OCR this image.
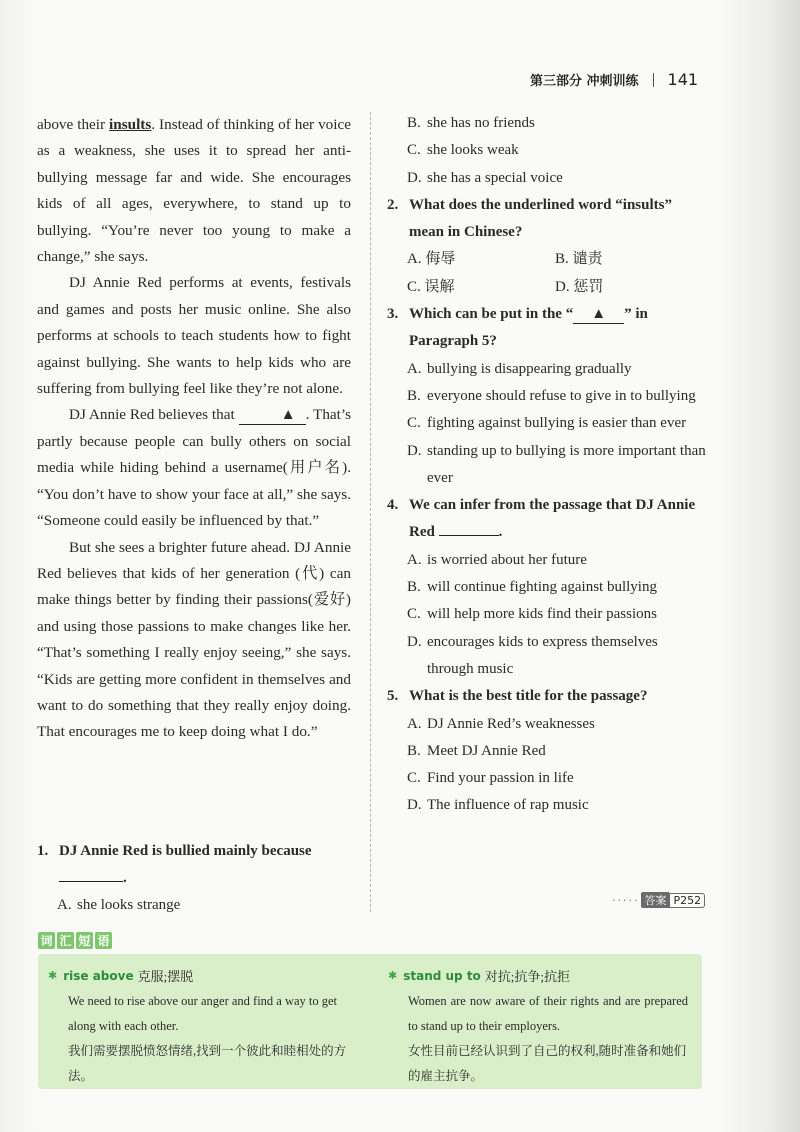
第三部分 冲刺训练 141

above their insults. Instead of thinking of her voice as a weakness, she uses it to spread her anti-bullying message far and wide. She encourages kids of all ages, everywhere, to stand up to bullying. “You’re never too young to make a change,” she says.

DJ Annie Red performs at events, festivals and games and posts her music online. She also performs at schools to teach students how to fight against bullying. She wants to help kids who are suffering from bullying feel like they’re not alone.

DJ Annie Red believes that	▲ . That’s partly because people can bully others on social media while hiding behind a username(用户名). “You don’t have to show your face at all,” she says. “Someone could easily be influenced by that.”

But she sees a brighter future ahead. DJ Annie Red believes that kids of her generation (代) can make things better by finding their passions(爱好) and using those passions to make changes like her. “That’s something I really enjoy seeing,” she says. “Kids are getting more confident in themselves and want to do something that they really enjoy doing. That encourages me to keep doing what I do.”

1. DJ Annie Red is bullied mainly because
.
A. she looks strange
B. she has no friends
C. she looks weak
D. she has a special voice
2. What does the underlined word “insults” mean in Chinese?
A. 侮辱	B. 谴责
C. 误解	D. 惩罚
3. Which can be put in the “ ▲ ” in Paragraph 5?
A. bullying is disappearing gradually
B. everyone should refuse to give in to bullying
C. fighting against bullying is easier than ever
D. standing up to bullying is more important than ever
4. We can infer from the passage that DJ Annie Red	.
A. is worried about her future
B. will continue fighting against bullying
C. will help more kids find their passions
D. encourages kids to express themselves through music
5. What is the best title for the passage?
A. DJ Annie Red’s weaknesses
B. Meet DJ Annie Red
C. Find your passion in life
D. The influence of rap music
····· 答案 P252
词 汇 短 语
✱ rise above 克服;摆脱
We need to rise above our anger and find a way to get along with each other.
我们需要摆脱愤怒情绪,找到一个彼此和睦相处的方法。
✱ stand up to 对抗;抗争;抗拒
Women are now aware of their rights and are prepared to stand up to their employers.
女性目前已经认识到了自己的权利,随时准备和她们的雇主抗争。
